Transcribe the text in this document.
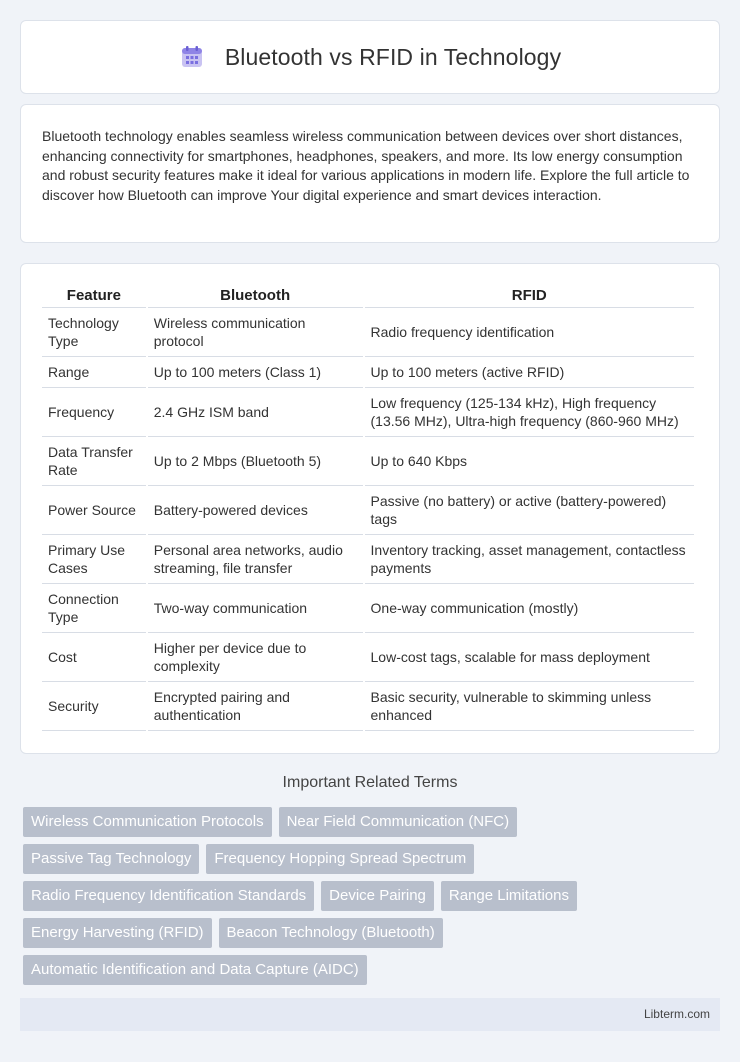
Bluetooth vs RFID in Technology

Bluetooth technology enables seamless wireless communication between devices over short distances, enhancing connectivity for smartphones, headphones, speakers, and more. Its low energy consumption and robust security features make it ideal for various applications in modern life. Explore the full article to discover how Bluetooth can improve Your digital experience and smart devices interaction.

Feature	Bluetooth	RFID
Technology Type	Wireless communication protocol	Radio frequency identification
Range	Up to 100 meters (Class 1)	Up to 100 meters (active RFID)
Frequency	2.4 GHz ISM band	Low frequency (125-134 kHz), High frequency (13.56 MHz), Ultra-high frequency (860-960 MHz)
Data Transfer Rate	Up to 2 Mbps (Bluetooth 5)	Up to 640 Kbps
Power Source	Battery-powered devices	Passive (no battery) or active (battery-powered) tags
Primary Use Cases	Personal area networks, audio streaming, file transfer	Inventory tracking, asset management, contactless payments
Connection Type	Two-way communication	One-way communication (mostly)
Cost	Higher per device due to complexity	Low-cost tags, scalable for mass deployment
Security	Encrypted pairing and authentication	Basic security, vulnerable to skimming unless enhanced
Important Related Terms
Wireless Communication Protocols	Near Field Communication (NFC)
Passive Tag Technology	Frequency Hopping Spread Spectrum
Radio Frequency Identification Standards	Device Pairing	Range Limitations
Energy Harvesting (RFID)	Beacon Technology (Bluetooth)
Automatic Identification and Data Capture (AIDC)
Libterm.com
